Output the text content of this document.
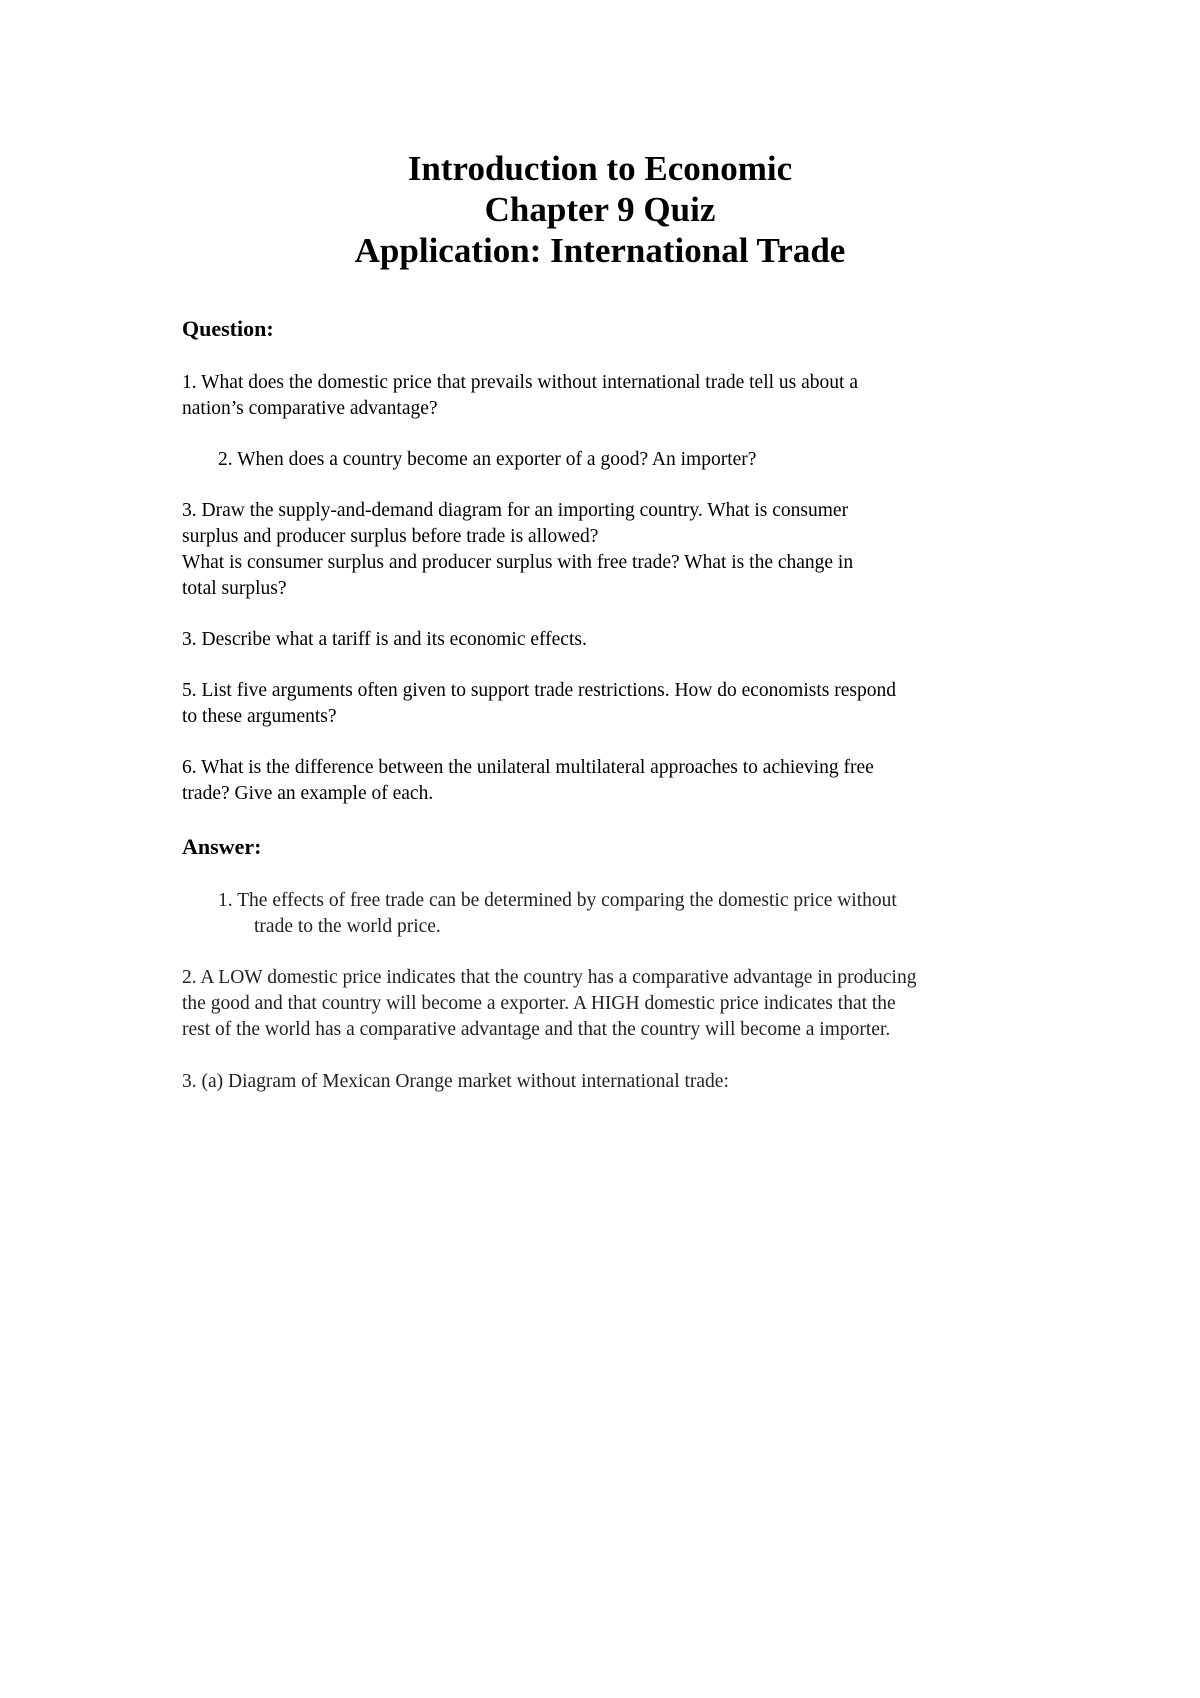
Introduction to Economic
Chapter 9 Quiz
Application: International Trade
Question:
1. What does the domestic price that prevails without international trade tell us about a
nation’s comparative advantage?
2. When does a country become an exporter of a good? An importer?
3. Draw the supply-and-demand diagram for an importing country. What is consumer
surplus and producer surplus before trade is allowed?
What is consumer surplus and producer surplus with free trade? What is the change in
total surplus?
3. Describe what a tariff is and its economic effects.
5. List five arguments often given to support trade restrictions. How do economists respond
to these arguments?
6. What is the difference between the unilateral multilateral approaches to achieving free
trade? Give an example of each.
Answer:
1. The effects of free trade can be determined by comparing the domestic price without
trade to the world price.
2. A LOW domestic price indicates that the country has a comparative advantage in producing
the good and that country will become a exporter. A HIGH domestic price indicates that the
rest of the world has a comparative advantage and that the country will become a importer.
3. (a) Diagram of Mexican Orange market without international trade:
